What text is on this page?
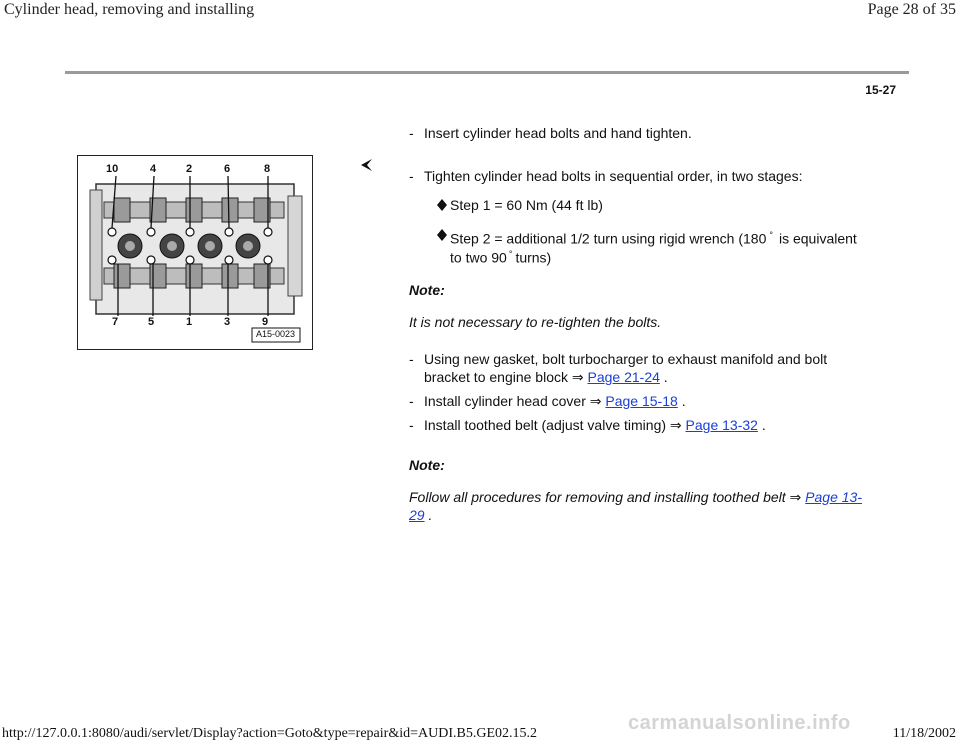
Cylinder head, removing and installing	Page 28 of 35
15-27
- Insert cylinder head bolts and hand tighten.
10	4	2	6	8
7	5	1	3	9
A15-0023
- Tighten cylinder head bolts in sequential order, in two stages:
Step 1 = 60 Nm (44 ft lb)
Step 2 = additional 1/2 turn using rigid wrench (180 ° is equivalent
to two 90 ° turns)
Note:
It is not necessary to re-tighten the bolts.
- Using new gasket, bolt turbocharger to exhaust manifold and bolt
bracket to engine block ⇒ Page 21-24 .
- Install cylinder head cover ⇒ Page 15-18 .
- Install toothed belt (adjust valve timing) ⇒ Page 13-32 .
Note:
Follow all procedures for removing and installing toothed belt ⇒ Page 13-
29 .
carmanualsonline.info
http://127.0.0.1:8080/audi/servlet/Display?action=Goto&type=repair&id=AUDI.B5.GE02.15.2	11/18/2002
